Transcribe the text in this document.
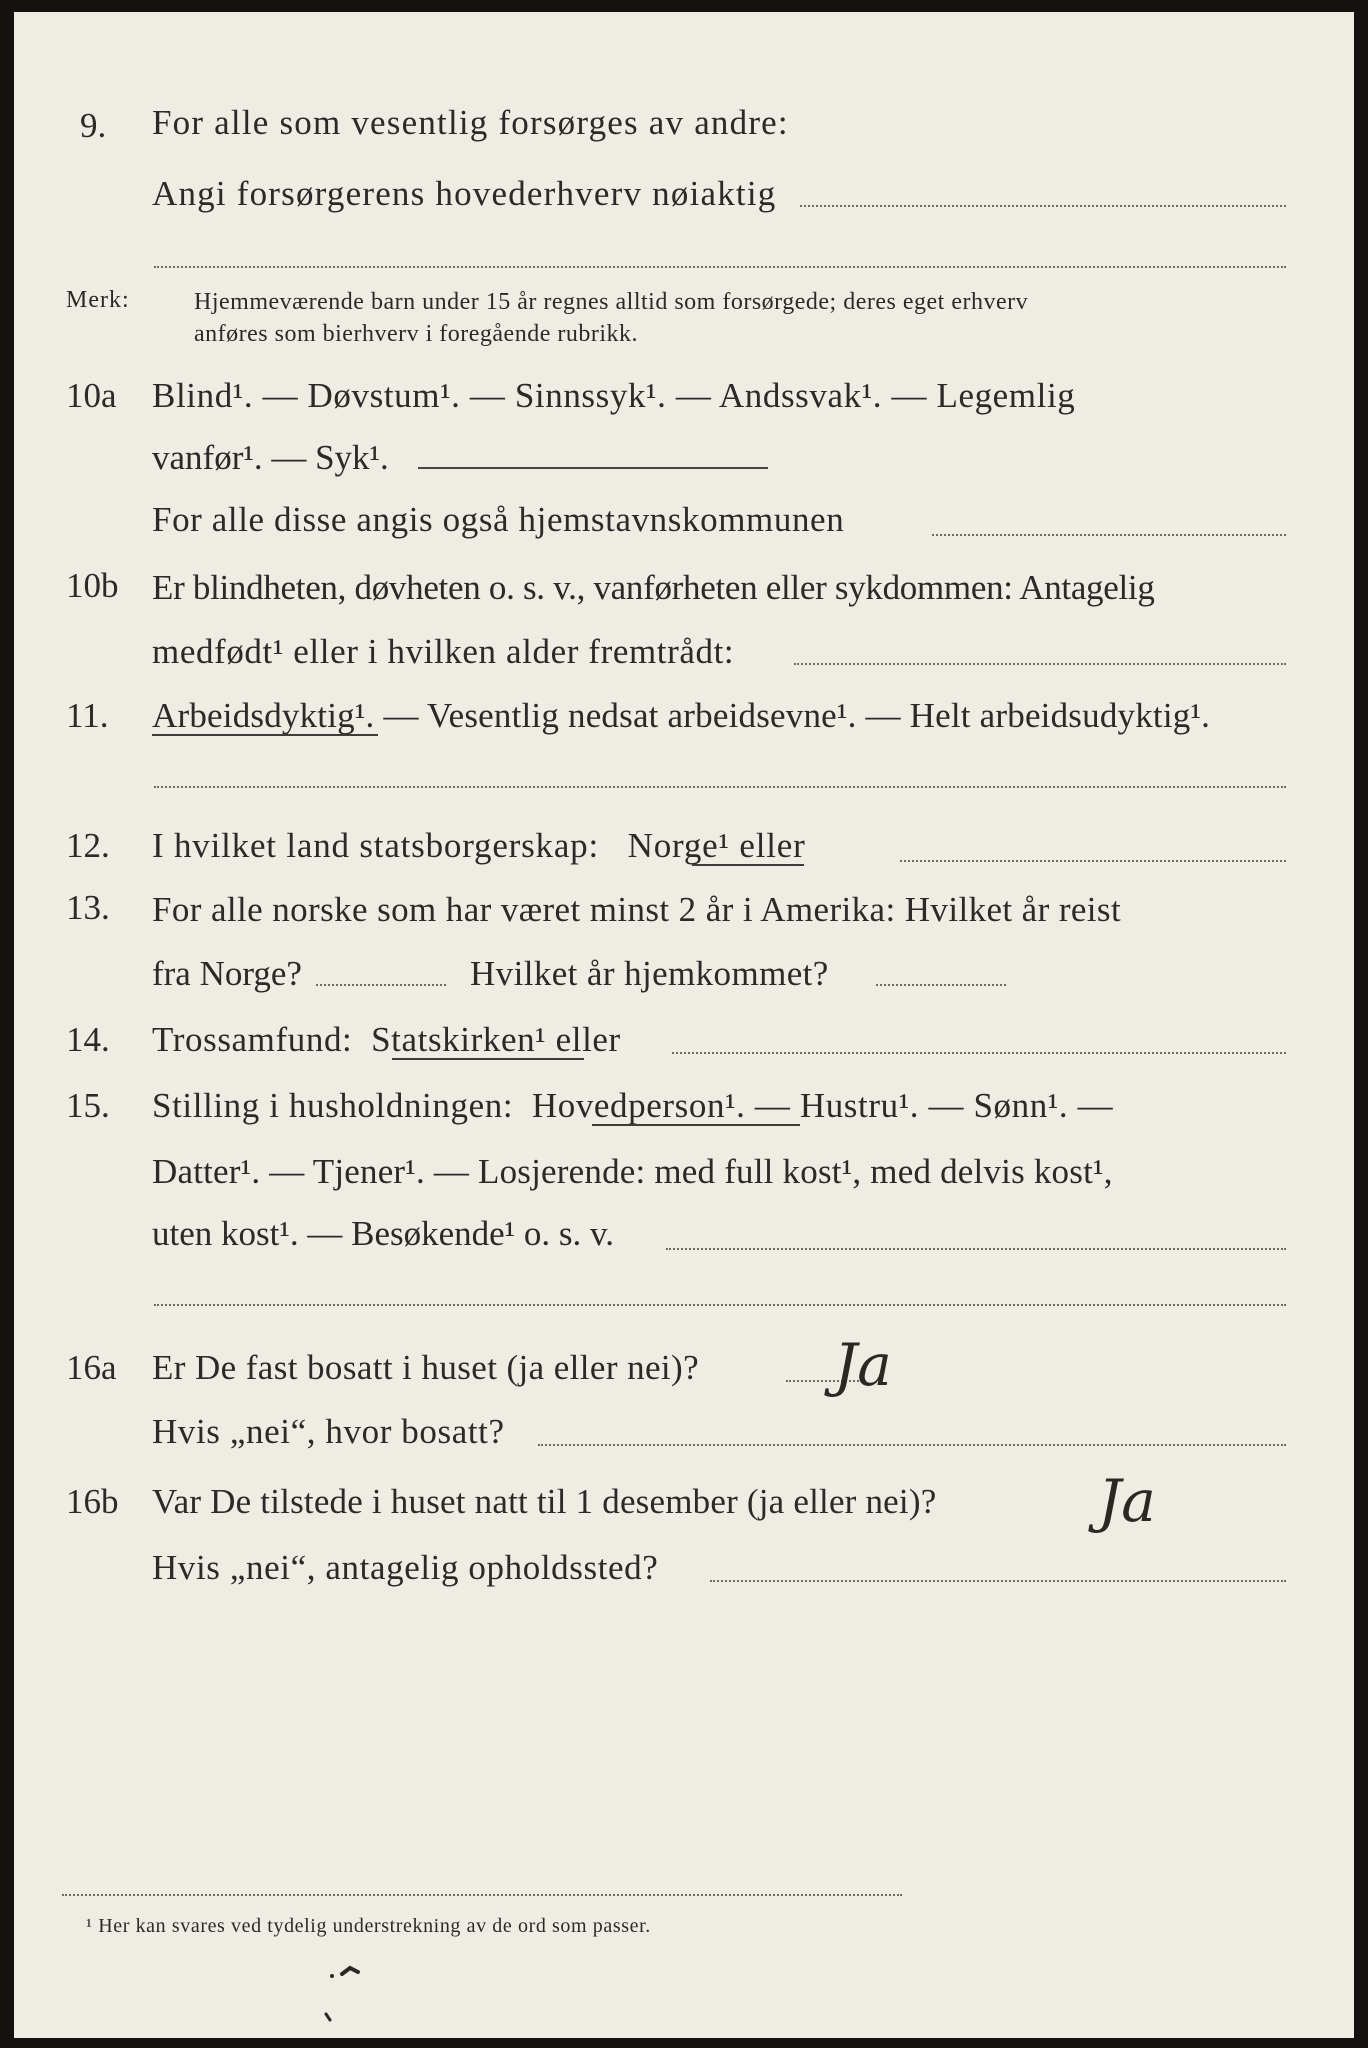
9. For alle som vesentlig forsørges av andre:
Angi forsørgerens hovederhverv nøiaktig
Merk:	Hjemmeværende barn under 15 år regnes alltid som forsørgede; deres eget erhverv
anføres som bierhverv i foregående rubrikk.
10a Blind¹. — Døvstum¹. — Sinnssyk¹. — Andssvak¹. — Legemlig
vanfør¹. — Syk¹.
For alle disse angis også hjemstavnskommunen
10b Er blindheten, døvheten o. s. v., vanførheten eller sykdommen: Antagelig
medfødt¹ eller i hvilken alder fremtrådt:
11. Arbeidsdyktig¹. — Vesentlig nedsat arbeidsevne¹. — Helt arbeidsudyktig¹.
12. I hvilket land statsborgerskap: Norge¹ eller
13. For alle norske som har været minst 2 år i Amerika: Hvilket år reist
fra Norge?	Hvilket år hjemkommet?
14. Trossamfund: Statskirken¹ eller
15. Stilling i husholdningen: Hovedperson¹. — Hustru¹. — Sønn¹. —
Datter¹. — Tjener¹. — Losjerende: med full kost¹, med delvis kost¹,
uten kost¹. — Besøkende¹ o. s. v.
16a Er De fast bosatt i huset (ja eller nei)? Ja
Hvis „nei“, hvor bosatt?
16b Var De tilstede i huset natt til 1 desember (ja eller nei)?	Ja
Hvis „nei“, antagelig opholdssted?
¹ Her kan svares ved tydelig understrekning av de ord som passer.
